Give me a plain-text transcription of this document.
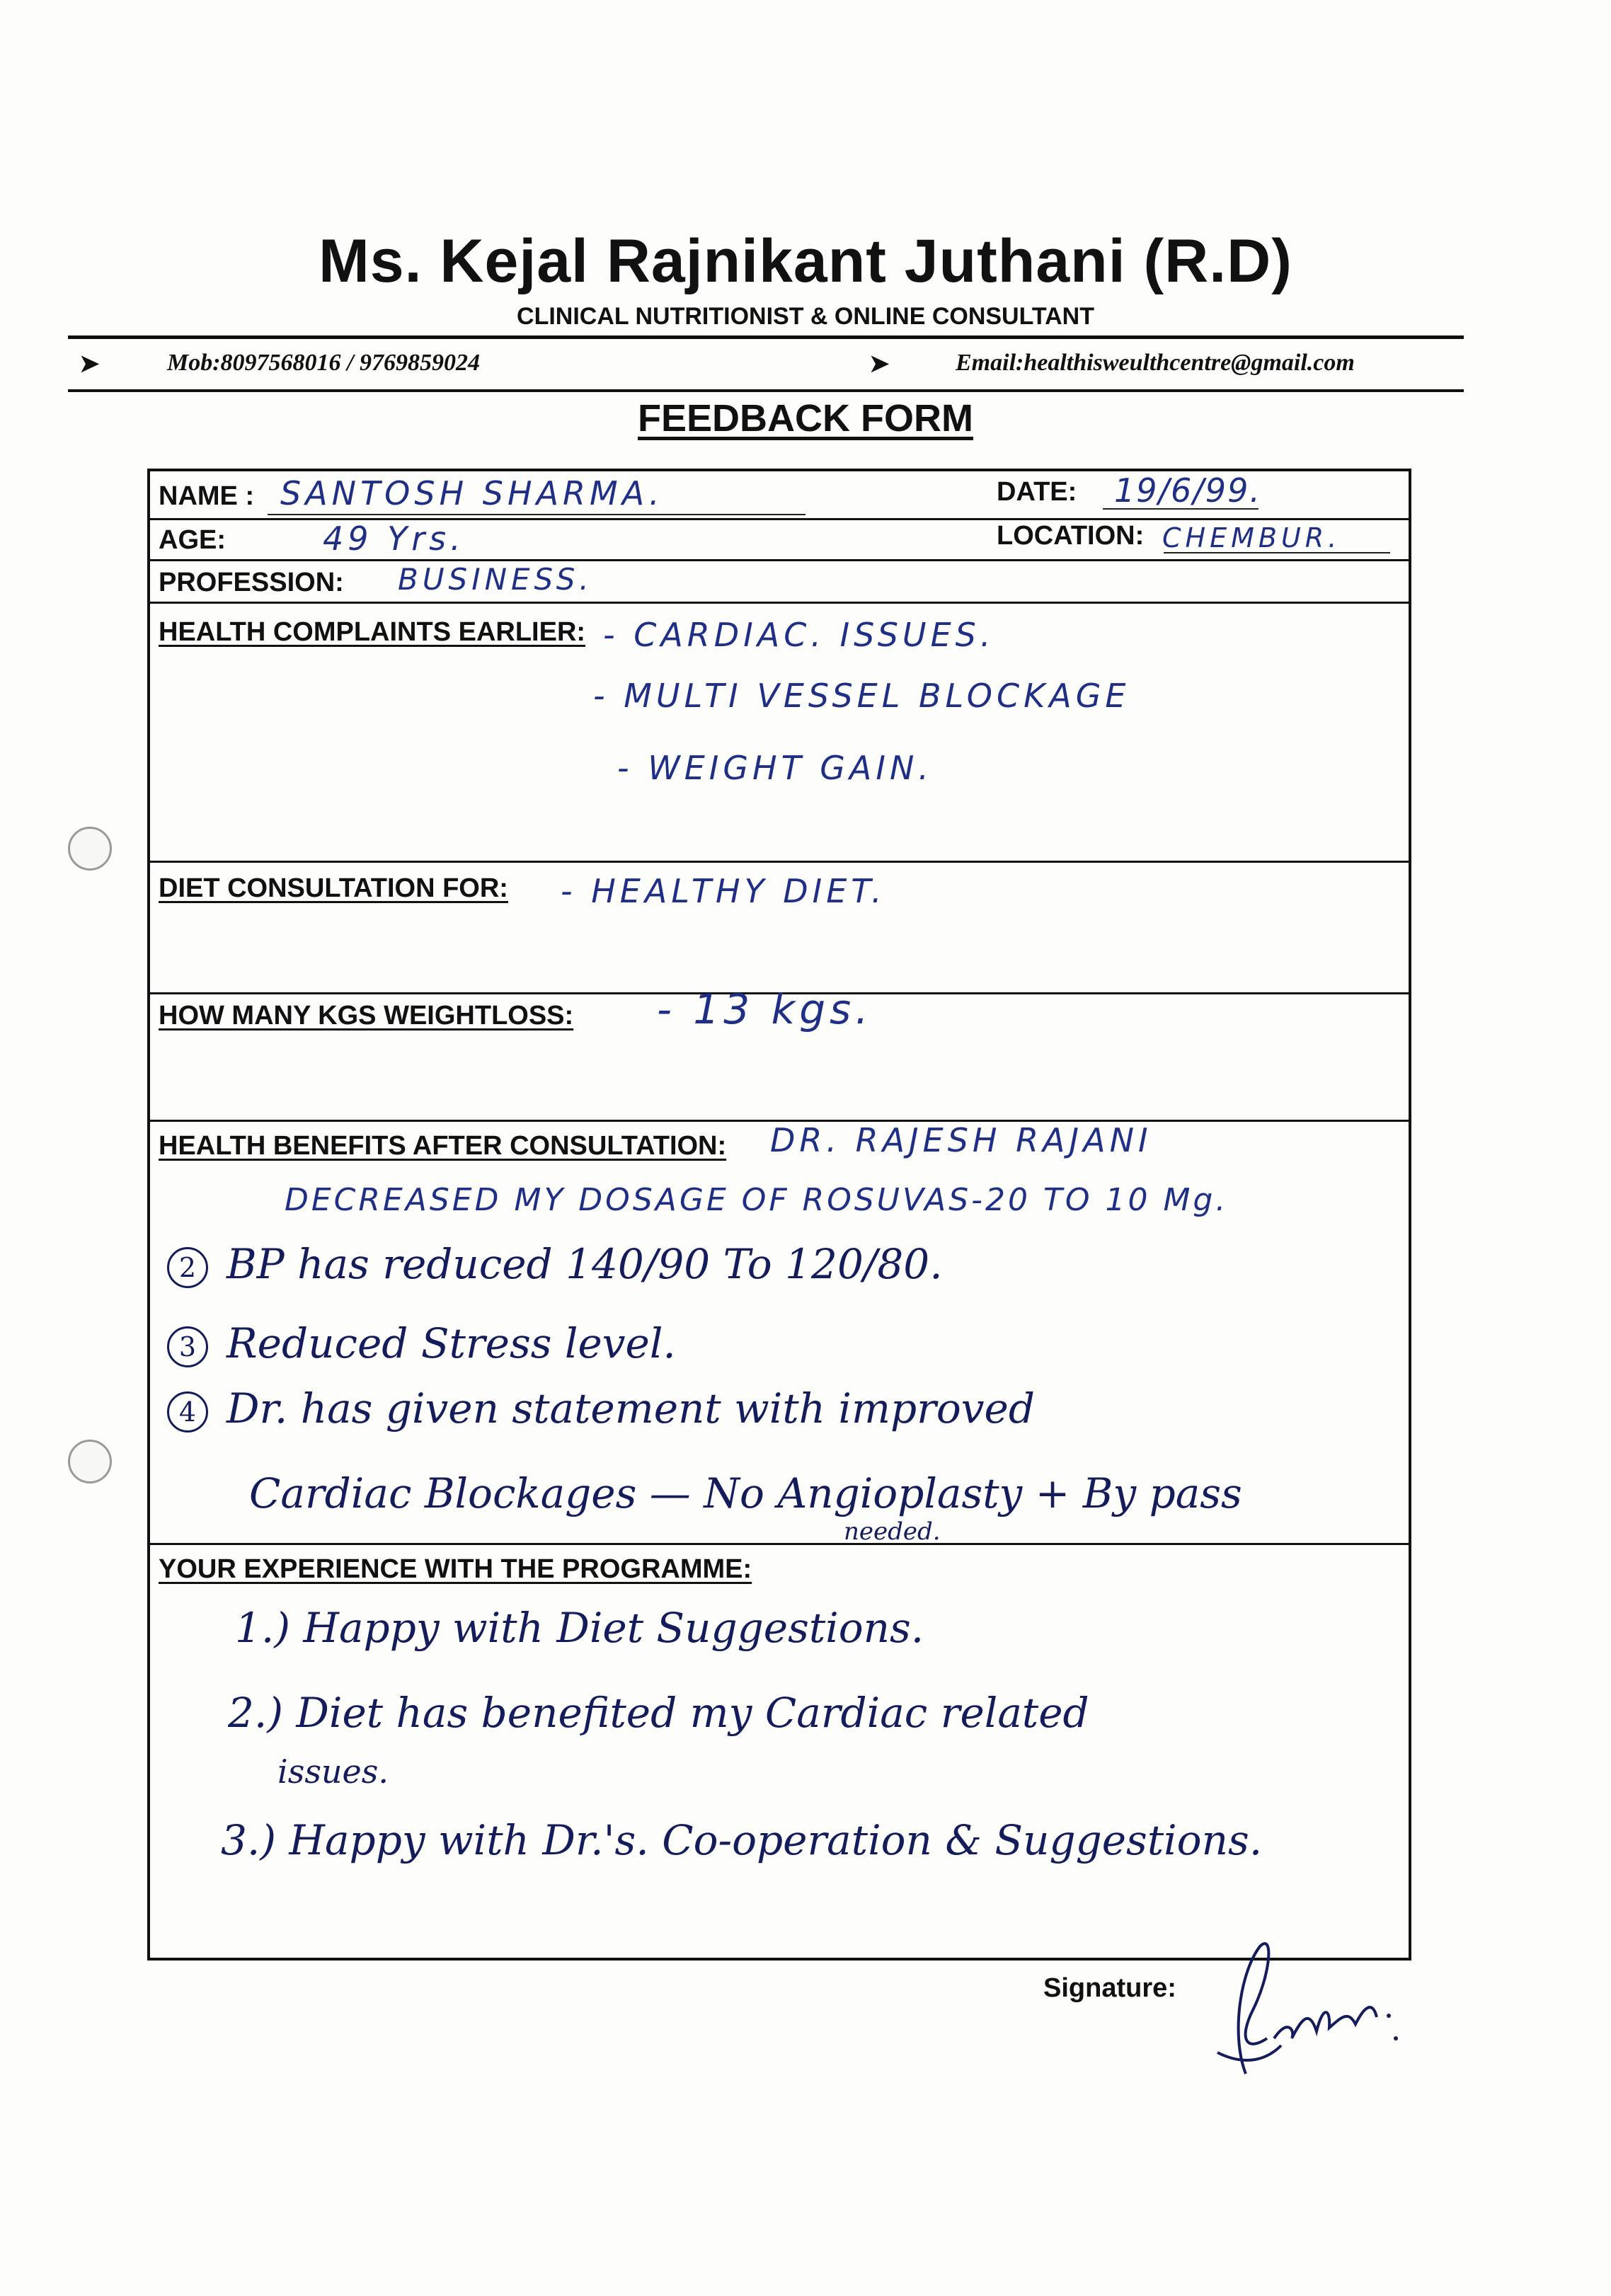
Ms. Kejal Rajnikant Juthani (R.D)
CLINICAL NUTRITIONIST & ONLINE CONSULTANT
➤	Mob:8097568016 / 9769859024	➤	Email:healthisweulthcentre@gmail.com
FEEDBACK FORM
NAME : SANTOSH SHARMA.	DATE: 19/6/99.
AGE:	49 Yrs.	LOCATION: CHEMBUR.
PROFESSION: BUSINESS.
HEALTH COMPLAINTS EARLIER: - CARDIAC. ISSUES.
- MULTI VESSEL BLOCKAGE
- WEIGHT GAIN.
DIET CONSULTATION FOR: - HEALTHY DIET.
HOW MANY KGS WEIGHTLOSS: - 13 kgs.
HEALTH BENEFITS AFTER CONSULTATION: DR. RAJESH RAJANI
DECREASED MY DOSAGE OF ROSUVAS-20 TO 10 Mg.
2 BP has reduced 140/90 To 120/80.
3 Reduced Stress level.
4 Dr. has given statement with improved
Cardiac Blockages — No Angioplasty + By pass
needed.
YOUR EXPERIENCE WITH THE PROGRAMME:
1.) Happy with Diet Suggestions.
2.) Diet has benefited my Cardiac related
issues.
3.) Happy with Dr.'s. Co-operation & Suggestions.
Signature:
